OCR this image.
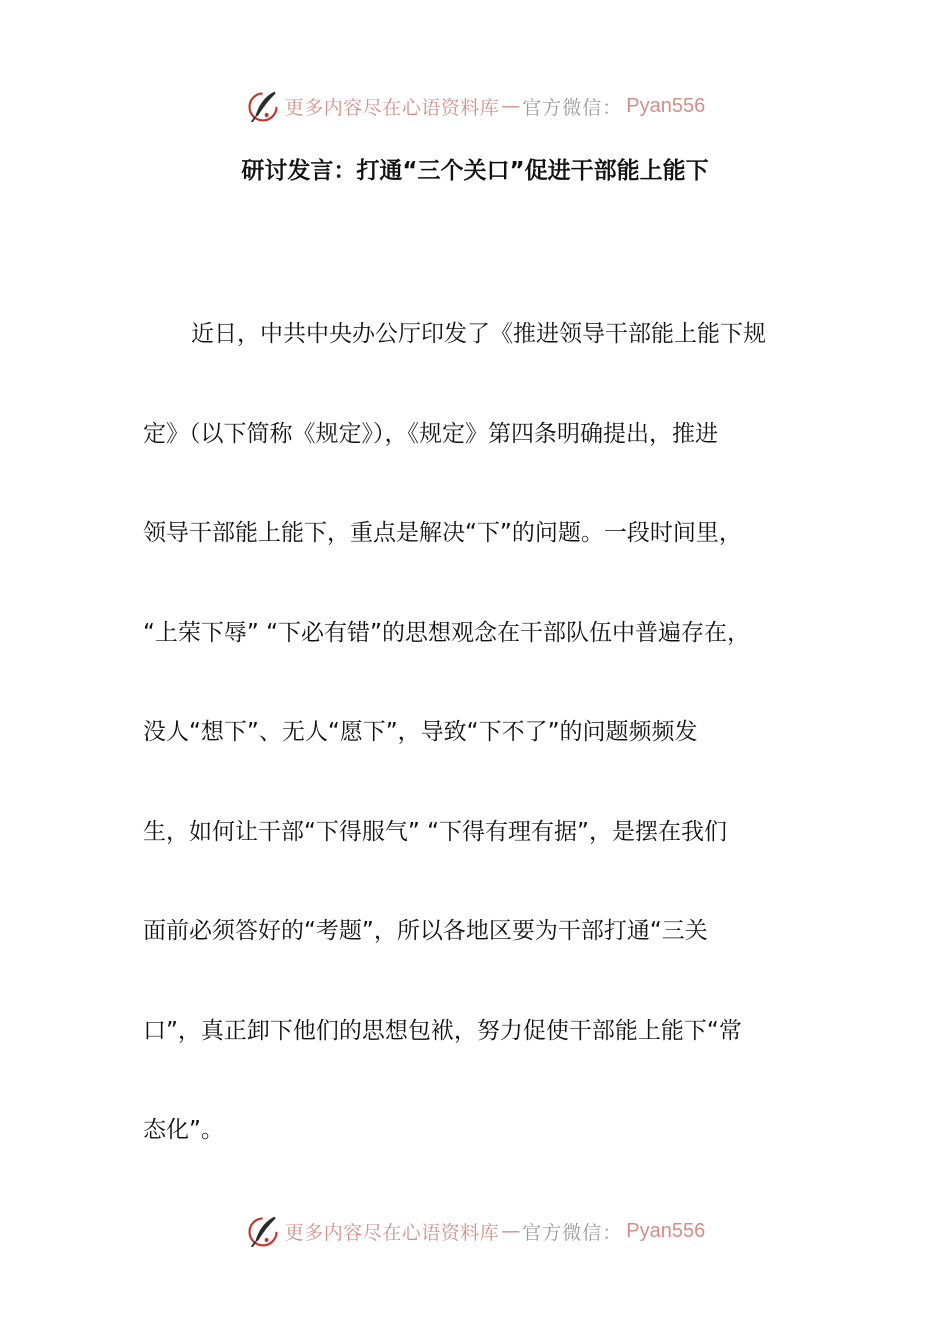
更多内容尽在心语资料库 — 官方微信： Pyan556
研讨发言：打通“三个关口”促进干部能上能下
近日，中共中央办公厅印发了《推进领导干部能上能下规
定》（以下简称《规定》），《规定》第四条明确提出，推进
领导干部能上能下，重点是解决“下”的问题。一段时间里，
“上荣下辱” “下必有错”的思想观念在干部队伍中普遍存在，
没人“想下”、无人“愿下”，导致“下不了”的问题频频发
生，如何让干部“下得服气” “下得有理有据”，是摆在我们
面前必须答好的“考题”，所以各地区要为干部打通“三关
口”，真正卸下他们的思想包袱，努力促使干部能上能下“常
态化”。
更多内容尽在心语资料库 — 官方微信： Pyan556
